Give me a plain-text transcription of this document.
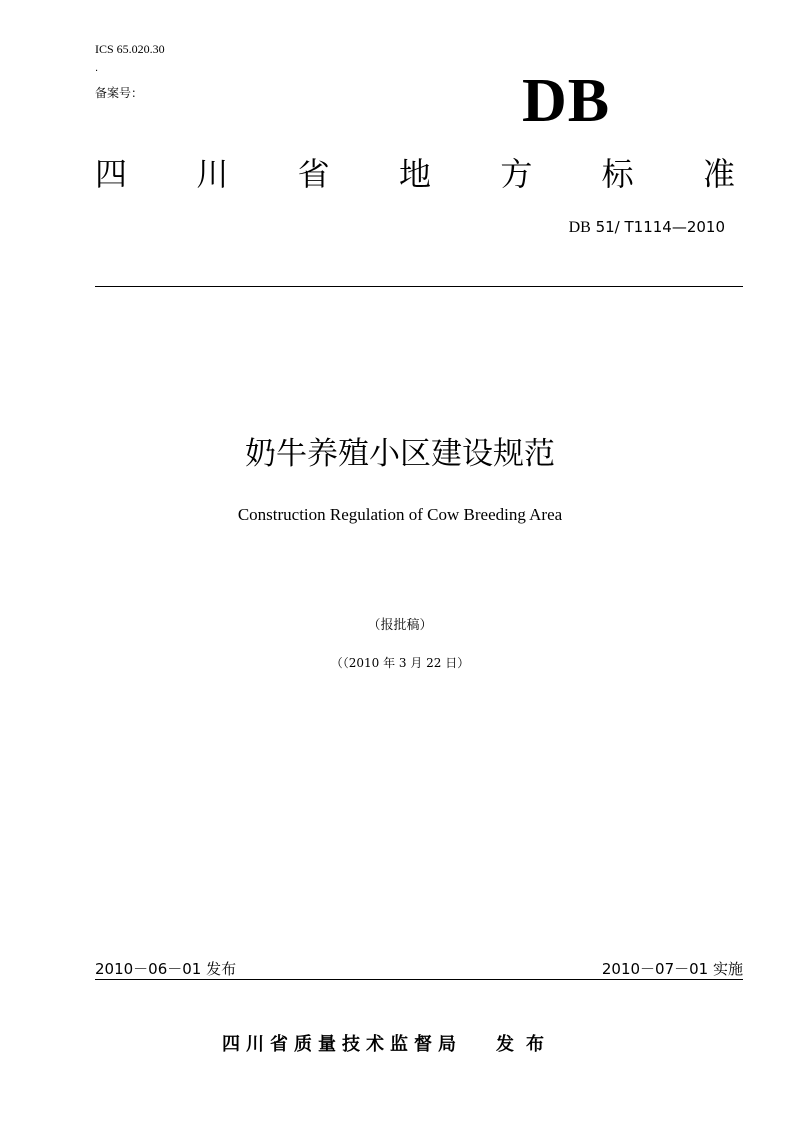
ICS 65.020.30
.
备案号：	DB
四 川 省 地 方 标 准
DB 51/ T1114—2010
奶牛养殖小区建设规范
Construction Regulation of Cow Breeding Area
（报批稿）
（（2010 年 3 月 22 日）
2010－06－01 发布	2010－07－01 实施
四川省质量技术监督局 发布
